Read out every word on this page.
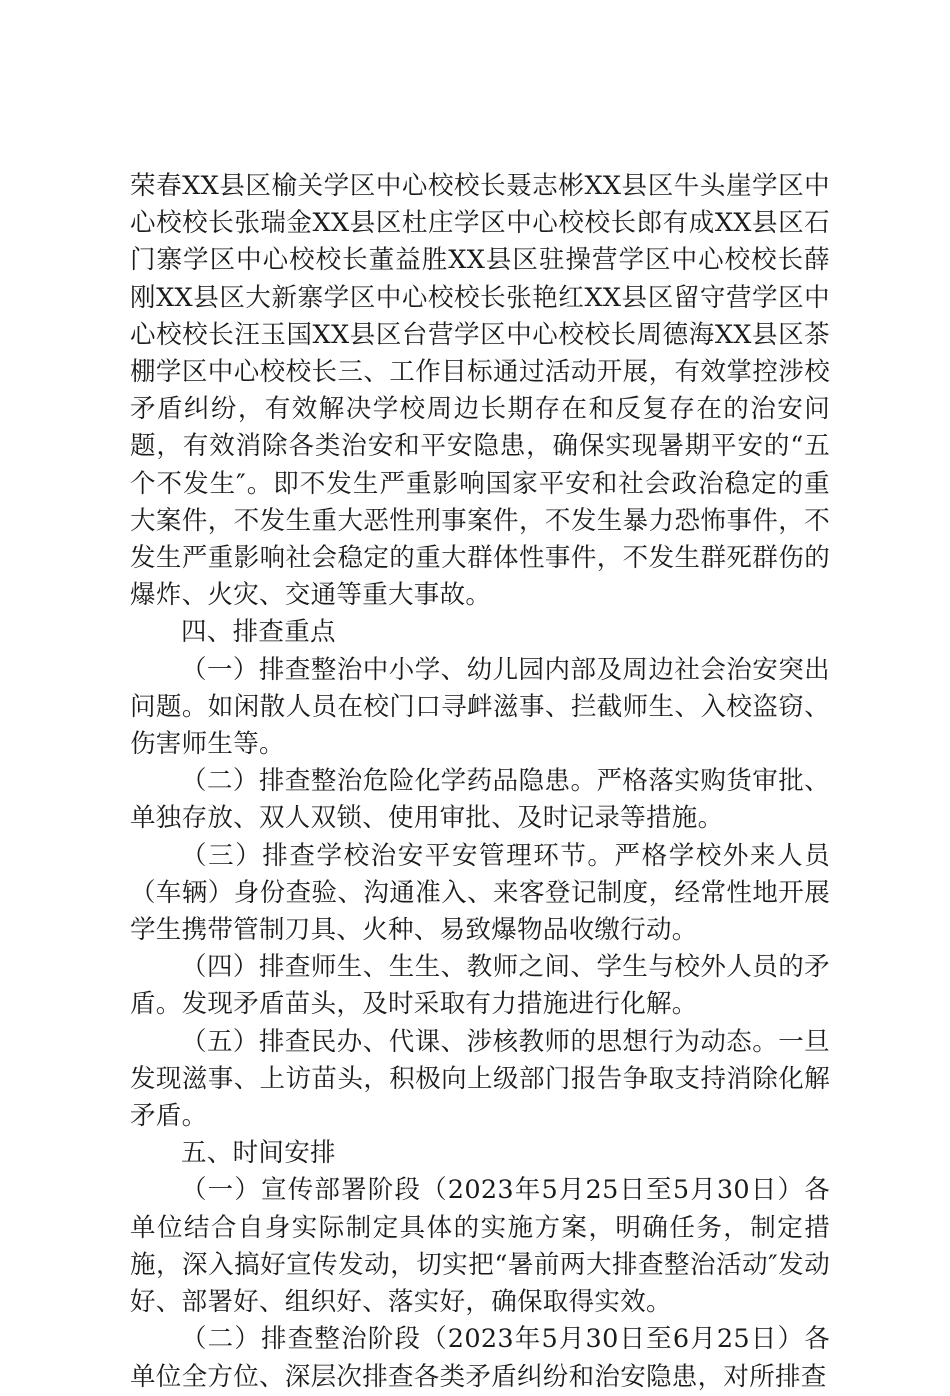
荣春XX县区榆关学区中心校校长聂志彬XX县区牛头崖学区中心校校长张瑞金XX县区杜庄学区中心校校长郎有成XX县区石门寨学区中心校校长董益胜XX县区驻操营学区中心校校长薛刚XX县区大新寨学区中心校校长张艳红XX县区留守营学区中心校校长汪玉国XX县区台营学区中心校校长周德海XX县区茶棚学区中心校校长三、工作目标通过活动开展，有效掌控涉校矛盾纠纷，有效解决学校周边长期存在和反复存在的治安问题，有效消除各类治安和平安隐患，确保实现暑期平安的“五个不发生″。即不发生严重影响国家平安和社会政治稳定的重大案件，不发生重大恶性刑事案件，不发生暴力恐怖事件，不发生严重影响社会稳定的重大群体性事件，不发生群死群伤的爆炸、火灾、交通等重大事故。

四、排查重点

（一）排查整治中小学、幼儿园内部及周边社会治安突出问题。如闲散人员在校门口寻衅滋事、拦截师生、入校盗窃、伤害师生等。

（二）排查整治危险化学药品隐患。严格落实购货审批、单独存放、双人双锁、使用审批、及时记录等措施。

（三）排查学校治安平安管理环节。严格学校外来人员（车辆）身份查验、沟通准入、来客登记制度，经常性地开展学生携带管制刀具、火种、易致爆物品收缴行动。

（四）排查师生、生生、教师之间、学生与校外人员的矛盾。发现矛盾苗头，及时采取有力措施进行化解。

（五）排查民办、代课、涉核教师的思想行为动态。一旦发现滋事、上访苗头，积极向上级部门报告争取支持消除化解矛盾。

五、时间安排

（一）宣传部署阶段（2023年5月25日至5月30日）各单位结合自身实际制定具体的实施方案，明确任务，制定措施，深入搞好宣传发动，切实把“暑前两大排查整治活动″发动好、部署好、组织好、落实好，确保取得实效。

（二）排查整治阶段（2023年5月30日至6月25日）各单位全方位、深层次排查各类矛盾纠纷和治安隐患，对所排查
